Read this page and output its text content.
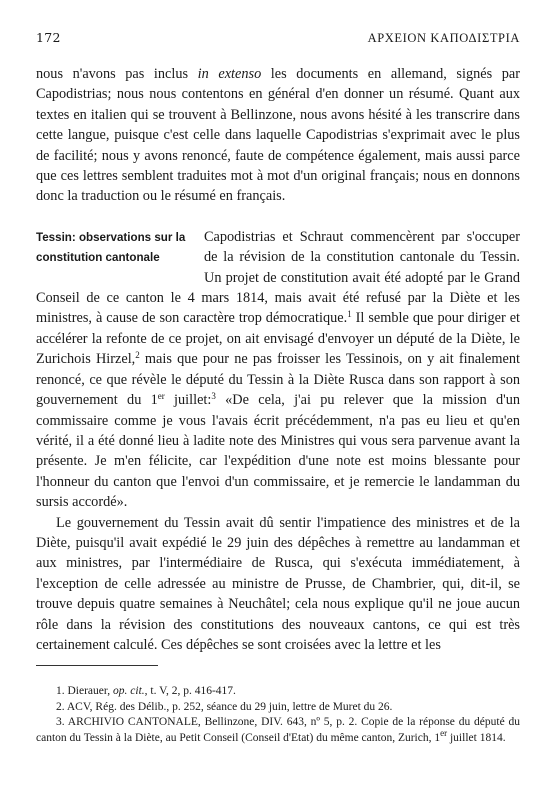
172	ΑΡΧΕΙΟΝ ΚΑΠΟΔΙΣΤΡΙΑ

nous n'avons pas inclus in extenso les documents en allemand, signés par Capodistrias; nous nous contentons en général d'en donner un résumé. Quant aux textes en italien qui se trouvent à Bellinzone, nous avons hésité à les transcrire dans cette langue, puisque c'est celle dans laquelle Capodistrias s'exprimait avec le plus de facilité; nous y avons renoncé, faute de compétence également, mais aussi parce que ces lettres semblent traduites mot à mot d'un original français; nous en donnons donc la traduction ou le résumé en français.

Tessin: observations sur la constitution cantonale

Capodistrias et Schraut commencèrent par s'occuper de la révision de la constitution cantonale du Tessin. Un projet de constitution avait été adopté par le Grand Conseil de ce canton le 4 mars 1814, mais avait été refusé par la Diète et les ministres, à cause de son caractère trop démocratique.$^1$ Il semble que pour diriger et accélérer la refonte de ce projet, on ait envisagé d'envoyer un député de la Diète, le Zurichois Hirzel,$^2$ mais que pour ne pas froisser les Tessinois, on y ait finalement renoncé, ce que révèle le député du Tessin à la Diète Rusca dans son rapport à son gouvernement du 1er juillet:$^3$ «De cela, j'ai pu relever que la mission d'un commissaire comme je vous l'avais écrit précédemment, n'a pas eu lieu et qu'en vérité, il a été donné lieu à ladite note des Ministres qui vous sera parvenue avant la présente. Je m'en félicite, car l'expédition d'une note est moins blessante pour l'honneur du canton que l'envoi d'un commissaire, et je remercie le landamman du sursis accordé».

Le gouvernement du Tessin avait dû sentir l'impatience des ministres et de la Diète, puisqu'il avait expédié le 29 juin des dépêches à remettre au landamman et aux ministres, par l'intermédiaire de Rusca, qui s'exécuta immédiatement, à l'exception de celle adressée au ministre de Prusse, de Chambrier, qui, dit-il, se trouve depuis quatre semaines à Neuchâtel; cela nous explique qu'il ne joue aucun rôle dans la révision des constitutions des nouveaux cantons, ce qui est très certainement calculé. Ces dépêches se sont croisées avec la lettre et les

1. Dierauer, op. cit., t. V, 2, p. 416-417.

2. ACV, Rég. des Délib., p. 252, séance du 29 juin, lettre de Muret du 26.

3. ARCHIVIO CANTONALE, Bellinzone, DIV. 643, nº 5, p. 2. Copie de la réponse du député du canton du Tessin à la Diète, au Petit Conseil (Conseil d'Etat) du même canton, Zurich, 1er juillet 1814.
